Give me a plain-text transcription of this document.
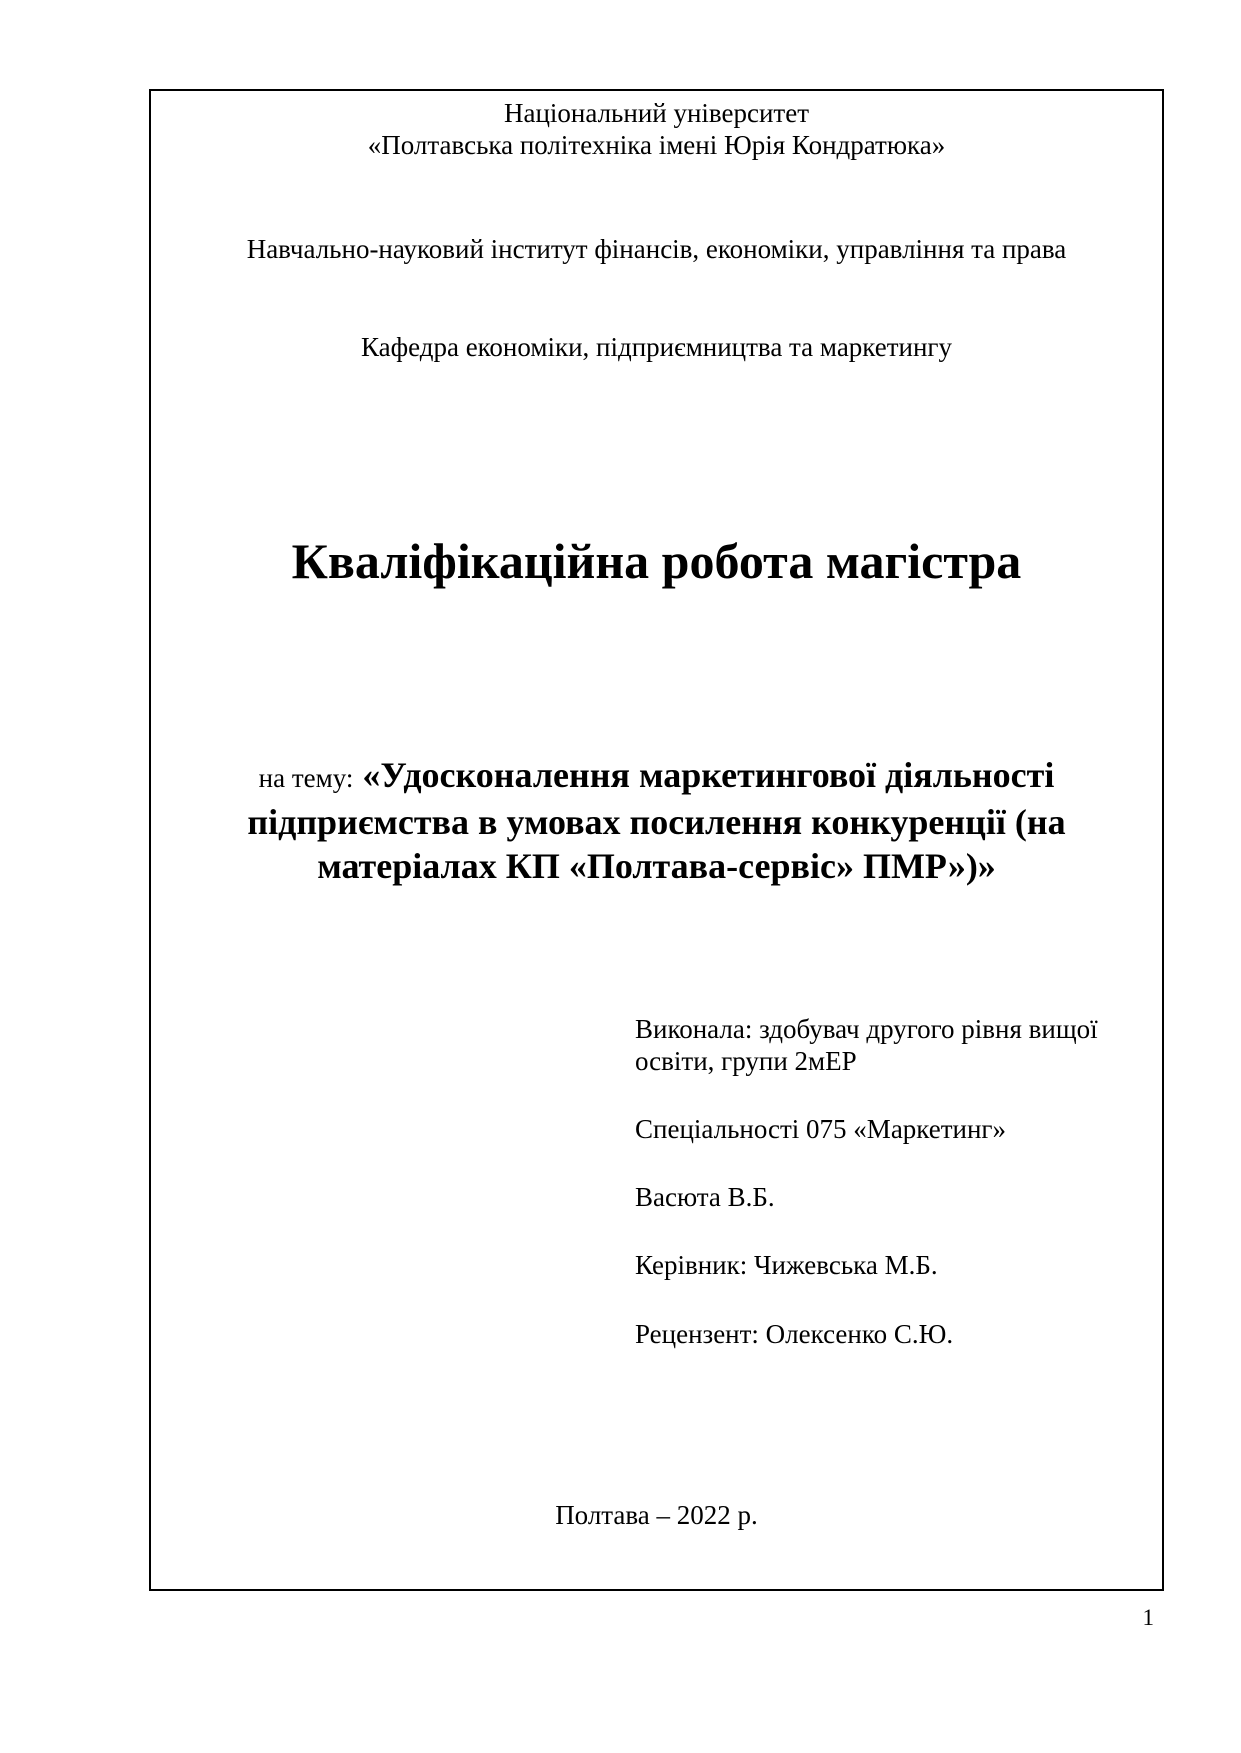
Національний університет
«Полтавська політехніка імені Юрія Кондратюка»
Навчально-науковий інститут фінансів, економіки, управління та права
Кафедра економіки, підприємництва та маркетингу
Кваліфікаційна робота магістра
на тему: «Удосконалення маркетингової діяльності
підприємства в умовах посилення конкуренції (на
матеріалах КП «Полтава-сервіс» ПМР»)»
Виконала: здобувач другого рівня вищої
освіти, групи 2мЕР
Спеціальності 075 «Маркетинг»
Васюта В.Б.
Керівник: Чижевська М.Б.
Рецензент: Олексенко С.Ю.
Полтава – 2022 р.
1
